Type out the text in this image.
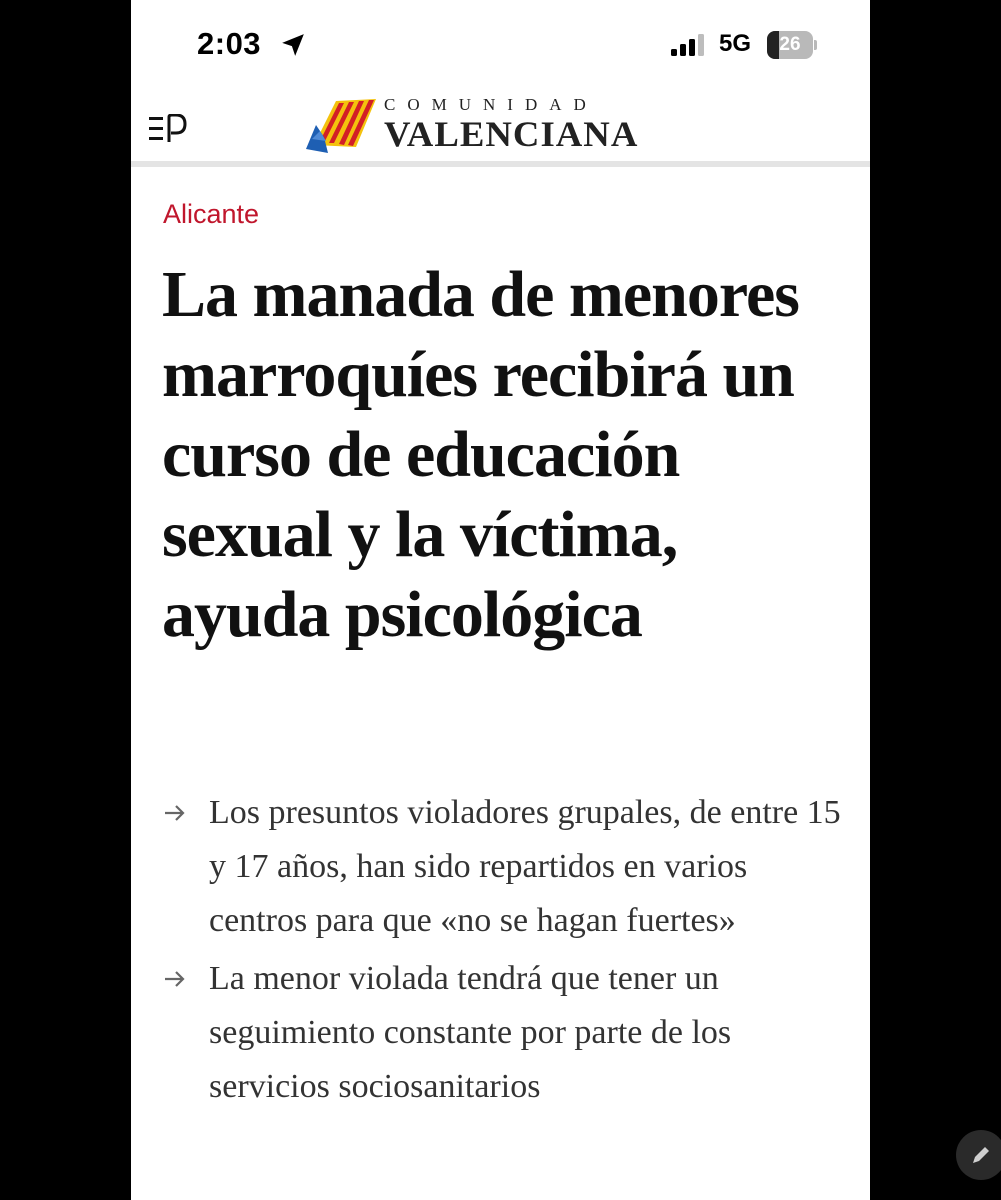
2:03	5G	26
COMUNIDAD
VALENCIANA
Alicante
La manada de menores marroquíes recibirá un curso de educación sexual y la víctima, ayuda psicológica
Los presuntos violadores grupales, de entre 15 y 17 años, han sido repartidos en varios centros para que «no se hagan fuertes»
La menor violada tendrá que tener un seguimiento constante por parte de los servicios sociosanitarios
